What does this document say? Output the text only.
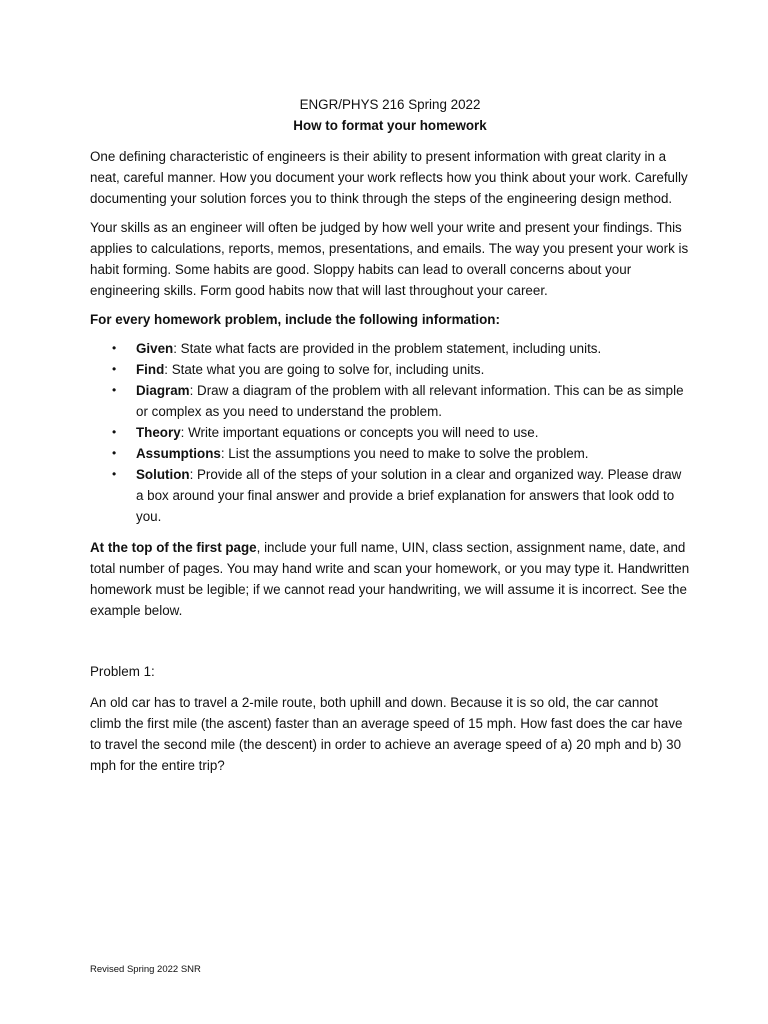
ENGR/PHYS 216 Spring 2022

How to format your homework

One defining characteristic of engineers is their ability to present information with great clarity in a neat, careful manner. How you document your work reflects how you think about your work. Carefully documenting your solution forces you to think through the steps of the engineering design method.

Your skills as an engineer will often be judged by how well your write and present your findings. This applies to calculations, reports, memos, presentations, and emails. The way you present your work is habit forming. Some habits are good. Sloppy habits can lead to overall concerns about your engineering skills. Form good habits now that will last throughout your career.

For every homework problem, include the following information:

• Given: State what facts are provided in the problem statement, including units.
• Find: State what you are going to solve for, including units.
• Diagram: Draw a diagram of the problem with all relevant information. This can be as simple or complex as you need to understand the problem.
• Theory: Write important equations or concepts you will need to use.
• Assumptions: List the assumptions you need to make to solve the problem.
• Solution: Provide all of the steps of your solution in a clear and organized way. Please draw a box around your final answer and provide a brief explanation for answers that look odd to you.

At the top of the first page, include your full name, UIN, class section, assignment name, date, and total number of pages. You may hand write and scan your homework, or you may type it. Handwritten homework must be legible; if we cannot read your handwriting, we will assume it is incorrect. See the example below.

Problem 1:

An old car has to travel a 2-mile route, both uphill and down. Because it is so old, the car cannot climb the first mile (the ascent) faster than an average speed of 15 mph. How fast does the car have to travel the second mile (the descent) in order to achieve an average speed of a) 20 mph and b) 30 mph for the entire trip?

Revised Spring 2022 SNR
